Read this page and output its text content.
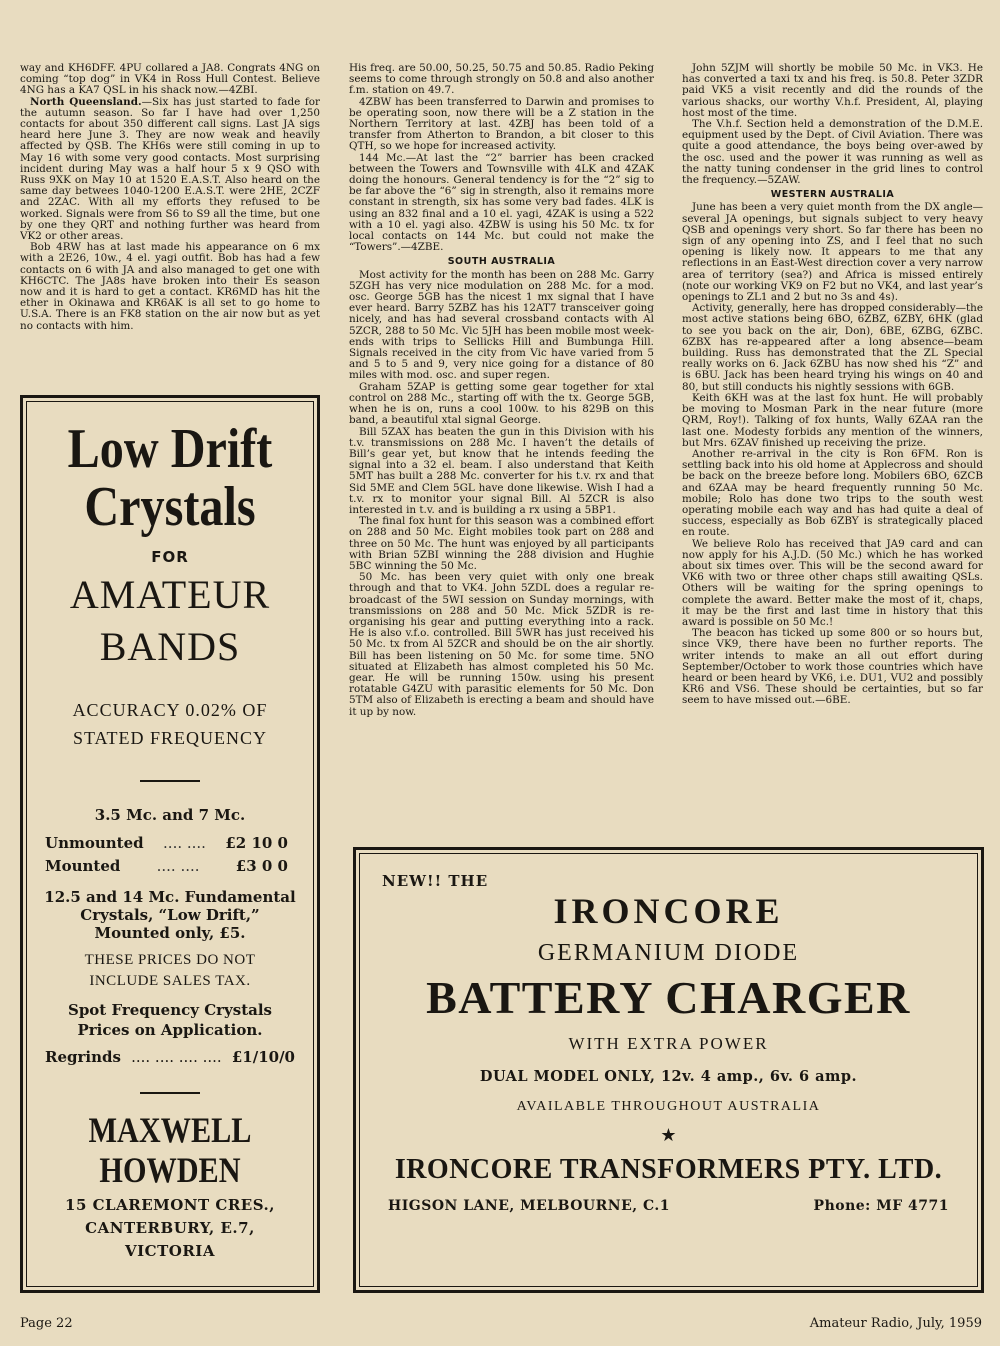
way and KH6DFF. 4PU collared a JA8. Congrats 4NG on coming “top dog” in VK4 in Ross Hull Contest. Believe 4NG has a KA7 QSL in his shack now.—4ZBI.

North Queensland.—Six has just started to fade for the autumn season. So far I have had over 1,250 contacts for about 350 different call signs. Last JA sigs heard here June 3. They are now weak and heavily affected by QSB. The KH6s were still coming in up to May 16 with some very good contacts. Most surprising incident during May was a half hour 5 x 9 QSO with Russ 9XK on May 10 at 1520 E.A.S.T. Also heard on the same day betwees 1040-1200 E.A.S.T. were 2HE, 2CZF and 2ZAC. With all my efforts they refused to be worked. Signals were from S6 to S9 all the time, but one by one they QRT and nothing further was heard from VK2 or other areas.

Bob 4RW has at last made his appearance on 6 mx with a 2E26, 10w., 4 el. yagi outfit. Bob has had a few contacts on 6 with JA and also managed to get one with KH6CTC. The JA8s have broken into their Es season now and it is hard to get a contact. KR6MD has hit the ether in Okinawa and KR6AK is all set to go home to U.S.A. There is an FK8 station on the air now but as yet no contacts with him.

His freq. are 50.00, 50.25, 50.75 and 50.85. Radio Peking seems to come through strongly on 50.8 and also another f.m. station on 49.7.

4ZBW has been transferred to Darwin and promises to be operating soon, now there will be a Z station in the Northern Territory at last. 4ZBJ has been told of a transfer from Atherton to Brandon, a bit closer to this QTH, so we hope for increased activity.

144 Mc.—At last the “2” barrier has been cracked between the Towers and Townsville with 4LK and 4ZAK doing the honours. General tendency is for the “2” sig to be far above the “6” sig in strength, also it remains more constant in strength, six has some very bad fades. 4LK is using an 832 final and a 10 el. yagi, 4ZAK is using a 522 with a 10 el. yagi also. 4ZBW is using his 50 Mc. tx for local contacts on 144 Mc. but could not make the “Towers”.—4ZBE.

SOUTH AUSTRALIA

Most activity for the month has been on 288 Mc. Garry 5ZGH has very nice modulation on 288 Mc. for a mod. osc. George 5GB has the nicest 1 mx signal that I have ever heard. Barry 5ZBZ has his 12AT7 transceiver going nicely, and has had several crossband contacts with Al 5ZCR, 288 to 50 Mc. Vic 5JH has been mobile most week-ends with trips to Sellicks Hill and Bumbunga Hill. Signals received in the city from Vic have varied from 5 and 5 to 5 and 9, very nice going for a distance of 80 miles with mod. osc. and super regen.

Graham 5ZAP is getting some gear together for xtal control on 288 Mc., starting off with the tx. George 5GB, when he is on, runs a cool 100w. to his 829B on this band, a beautiful xtal signal George.

Bill 5ZAX has beaten the gun in this Division with his t.v. transmissions on 288 Mc. I haven’t the details of Bill’s gear yet, but know that he intends feeding the signal into a 32 el. beam. I also understand that Keith 5MT has built a 288 Mc. converter for his t.v. rx and that Sid 5ME and Clem 5GL have done likewise. Wish I had a t.v. rx to monitor your signal Bill. Al 5ZCR is also interested in t.v. and is building a rx using a 5BP1.

The final fox hunt for this season was a combined effort on 288 and 50 Mc. Eight mobiles took part on 288 and three on 50 Mc. The hunt was enjoyed by all participants with Brian 5ZBI winning the 288 division and Hughie 5BC winning the 50 Mc.

50 Mc. has been very quiet with only one break through and that to VK4. John 5ZDL does a regular re-broadcast of the 5WI session on Sunday mornings, with transmissions on 288 and 50 Mc. Mick 5ZDR is re-organising his gear and putting everything into a rack. He is also v.f.o. controlled. Bill 5WR has just received his 50 Mc. tx from Al 5ZCR and should be on the air shortly. Bill has been listening on 50 Mc. for some time. 5NO situated at Elizabeth has almost completed his 50 Mc. gear. He will be running 150w. using his present rotatable G4ZU with parasitic elements for 50 Mc. Don 5TM also of Elizabeth is erecting a beam and should have it up by now.

John 5ZJM will shortly be mobile 50 Mc. in VK3. He has converted a taxi tx and his freq. is 50.8. Peter 3ZDR paid VK5 a visit recently and did the rounds of the various shacks, our worthy V.h.f. President, Al, playing host most of the time.

The V.h.f. Section held a demonstration of the D.M.E. equipment used by the Dept. of Civil Aviation. There was quite a good attendance, the boys being over-awed by the osc. used and the power it was running as well as the natty tuning condenser in the grid lines to control the frequency.—5ZAW.

WESTERN AUSTRALIA

June has been a very quiet month from the DX angle—several JA openings, but signals subject to very heavy QSB and openings very short. So far there has been no sign of any opening into ZS, and I feel that no such opening is likely now. It appears to me that any reflections in an East-West direction cover a very narrow area of territory (sea?) and Africa is missed entirely (note our working VK9 on F2 but no VK4, and last year’s openings to ZL1 and 2 but no 3s and 4s).

Activity, generally, here has dropped considerably—the most active stations being 6BO, 6ZBZ, 6ZBY, 6HK (glad to see you back on the air, Don), 6BE, 6ZBG, 6ZBC. 6ZBX has re-appeared after a long absence—beam building. Russ has demonstrated that the ZL Special really works on 6. Jack 6ZBU has now shed his “Z” and is 6BU. Jack has been heard trying his wings on 40 and 80, but still conducts his nightly sessions with 6GB.

Keith 6KH was at the last fox hunt. He will probably be moving to Mosman Park in the near future (more QRM, Roy!). Talking of fox hunts, Wally 6ZAA ran the last one. Modesty forbids any mention of the winners, but Mrs. 6ZAV finished up receiving the prize.

Another re-arrival in the city is Ron 6FM. Ron is settling back into his old home at Applecross and should be back on the breeze before long. Mobilers 6BO, 6ZCB and 6ZAA may be heard frequently running 50 Mc. mobile; Rolo has done two trips to the south west operating mobile each way and has had quite a deal of success, especially as Bob 6ZBY is strategically placed en route.

We believe Rolo has received that JA9 card and can now apply for his A.J.D. (50 Mc.) which he has worked about six times over. This will be the second award for VK6 with two or three other chaps still awaiting QSLs. Others will be waiting for the spring openings to complete the award. Better make the most of it, chaps, it may be the first and last time in history that this award is possible on 50 Mc.!

The beacon has ticked up some 800 or so hours but, since VK9, there have been no further reports. The writer intends to make an all out effort during September/October to work those countries which have heard or been heard by VK6, i.e. DU1, VU2 and possibly KR6 and VS6. These should be certainties, but so far seem to have missed out.—6BE.

Low Drift
Crystals
FOR
AMATEUR
BANDS
ACCURACY 0.02% OF
STATED FREQUENCY
3.5 Mc. and 7 Mc.
Unmounted	.... ....	£2 10 0
Mounted	.... ....	£3 0 0
12.5 and 14 Mc. Fundamental
Crystals, “Low Drift,”
Mounted only, £5.
THESE PRICES DO NOT
INCLUDE SALES TAX.
Spot Frequency Crystals
Prices on Application.
Regrinds .... .... .... .... £1/10/0
MAXWELL HOWDEN
15 CLAREMONT CRES.,
CANTERBURY, E.7,
VICTORIA
NEW!! THE
IRONCORE
GERMANIUM DIODE
BATTERY CHARGER
WITH EXTRA POWER
DUAL MODEL ONLY, 12v. 4 amp., 6v. 6 amp.
AVAILABLE THROUGHOUT AUSTRALIA
★
IRONCORE TRANSFORMERS PTY. LTD.
HIGSON LANE, MELBOURNE, C.1	Phone: MF 4771
Page 22	Amateur Radio, July, 1959
